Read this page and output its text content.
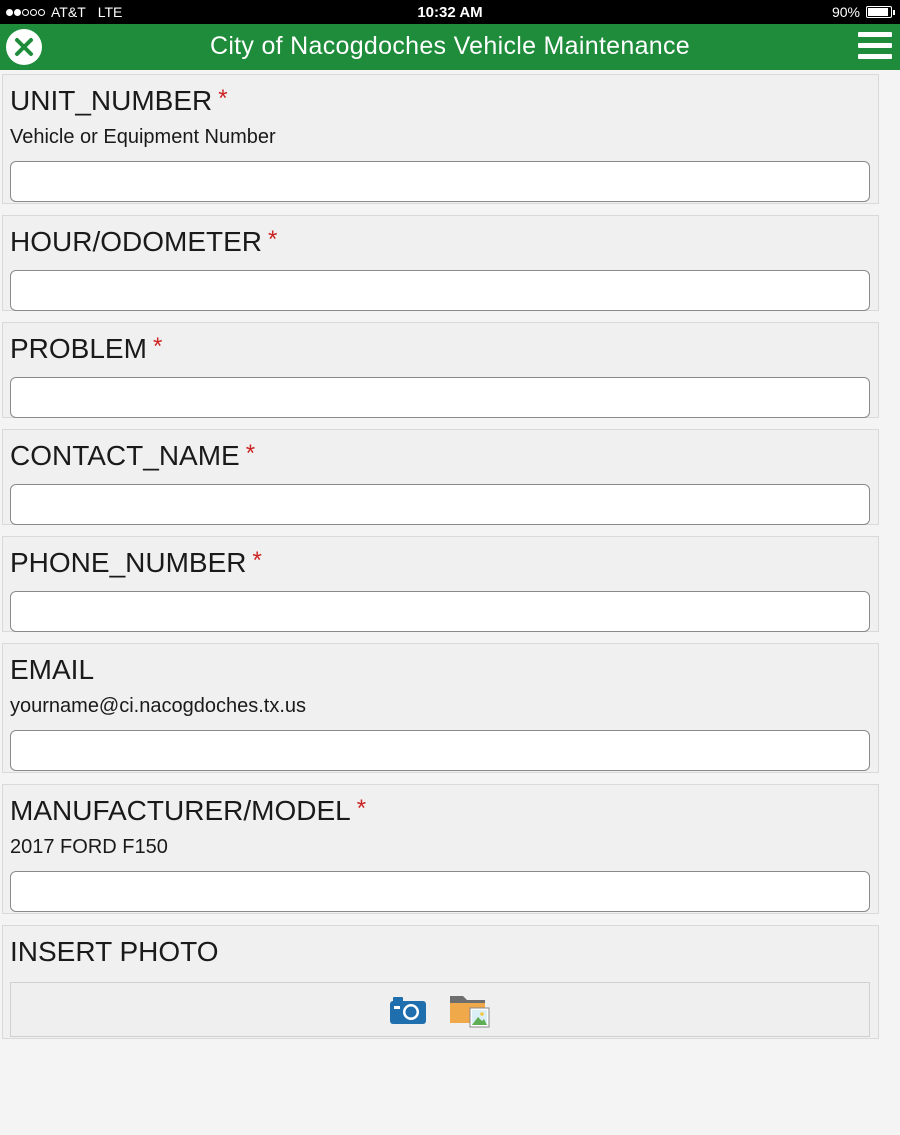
AT&T LTE	10:32 AM	90%
City of Nacogdoches Vehicle Maintenance
UNIT_NUMBER *
Vehicle or Equipment Number
HOUR/ODOMETER *
PROBLEM *
CONTACT_NAME *
PHONE_NUMBER *
EMAIL
yourname@ci.nacogdoches.tx.us
MANUFACTURER/MODEL *
2017 FORD F150
INSERT PHOTO
